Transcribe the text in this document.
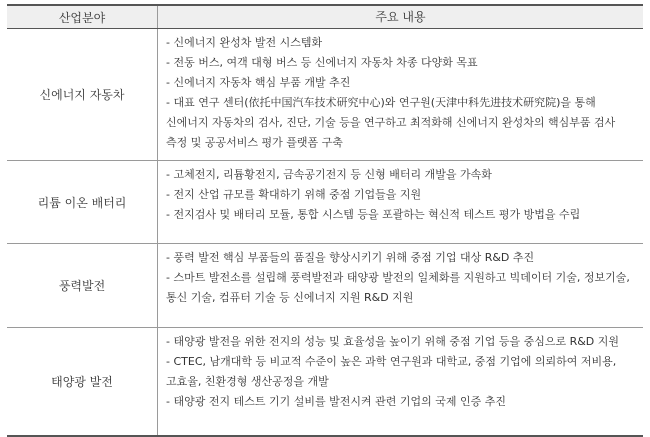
산업분야	주요 내용
신에너지 자동차

- 신에너지 완성차 발전 시스템화

- 전동 버스, 여객 대형 버스 등 신에너지 자동차 차종 다양화 목표

- 신에너지 자동차 핵심 부품 개발 추진

- 대표 연구 센터(依托中国汽车技术研究中心)와 연구원(天津中科先进技术研究院)을 통해 신에너지 자동차의 검사, 진단, 기술 등을 연구하고 최적화해 신에너지 완성차의 핵심부품 검사 측정 및 공공서비스 평가 플랫폼 구축

리튬 이온 배터리

- 고체전지, 리튬황전지, 금속공기전지 등 신형 배터리 개발을 가속화

- 전지 산업 규모를 확대하기 위해 중점 기업들을 지원

- 전지검사 및 배터리 모듈, 통합 시스템 등을 포괄하는 혁신적 테스트 평가 방법을 수립

풍력발전

- 풍력 발전 핵심 부품들의 품질을 향상시키기 위해 중점 기업 대상 R&D 추진

- 스마트 발전소를 설립해 풍력발전과 태양광 발전의 일체화를 지원하고 빅데이터 기술, 정보기술, 통신 기술, 컴퓨터 기술 등 신에너지 지원 R&D 지원

태양광 발전

- 태양광 발전을 위한 전지의 성능 및 효율성을 높이기 위해 중점 기업 등을 중심으로 R&D 지원

- CTEC, 남개대학 등 비교적 수준이 높은 과학 연구원과 대학교, 중점 기업에 의뢰하여 저비용, 고효율, 친환경형 생산공정을 개발

- 태양광 전지 테스트 기기 설비를 발전시켜 관련 기업의 국제 인증 추진
